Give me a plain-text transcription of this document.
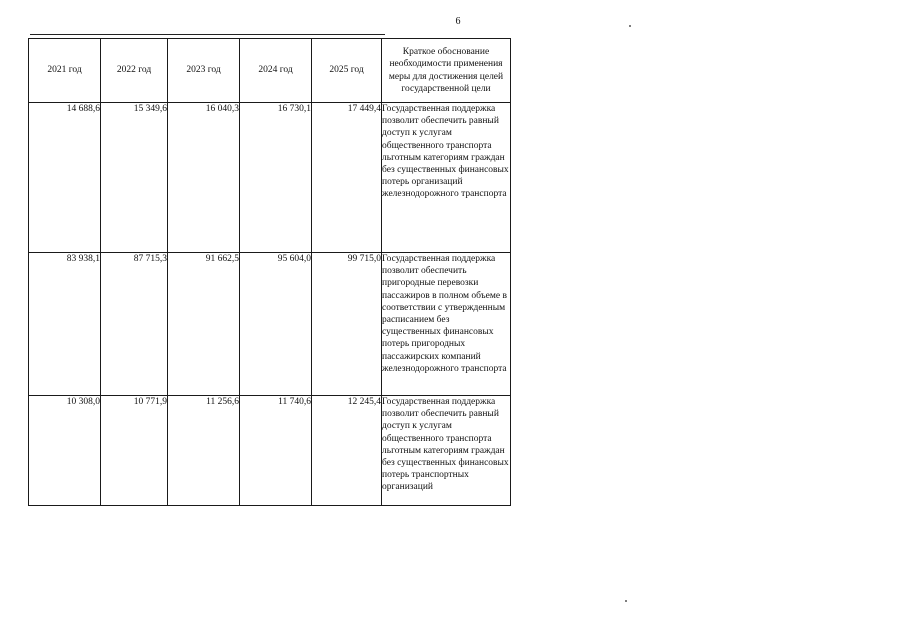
6
2021 год	2022 год	2023 год	2024 год	2025 год	Краткое обоснование необходимости применения меры для достижения целей государственной цели
14 688,6	15 349,6	16 040,3	16 730,1	17 449,4	Государственная поддержка позволит обеспечить равный доступ к услугам общественного транспорта льготным категориям граждан без существенных финансовых потерь организаций железнодорожного транспорта
83 938,1	87 715,3	91 662,5	95 604,0	99 715,0	Государственная поддержка позволит обеспечить пригородные перевозки пассажиров в полном объеме в соответствии с утвержденным расписанием без существенных финансовых потерь пригородных пассажирских компаний железнодорожного транспорта
10 308,0	10 771,9	11 256,6	11 740,6	12 245,4	Государственная поддержка позволит обеспечить равный доступ к услугам общественного транспорта льготным категориям граждан без существенных финансовых потерь транспортных организаций
